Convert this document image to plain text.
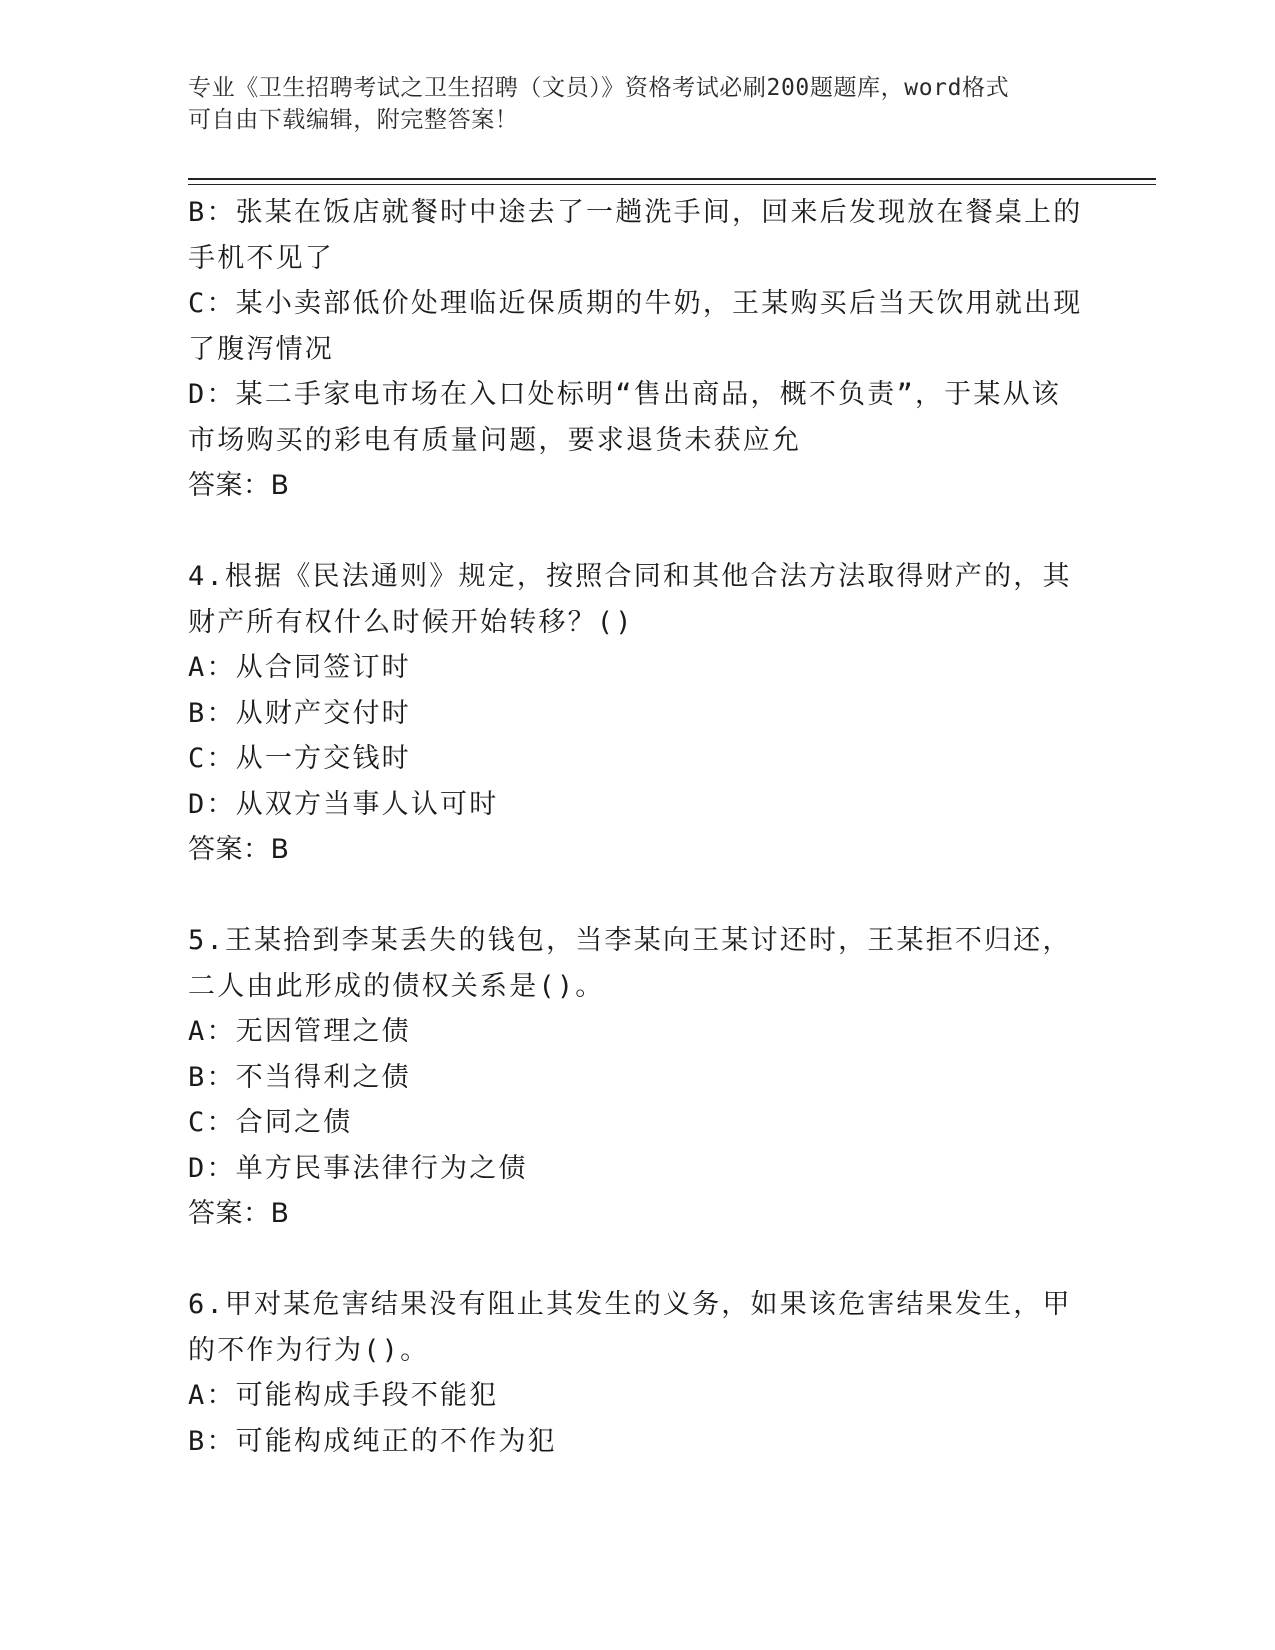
专业《卫生招聘考试之卫生招聘（文员）》资格考试必刷200题题库，word格式
可自由下载编辑，附完整答案！
B：张某在饭店就餐时中途去了一趟洗手间，回来后发现放在餐桌上的
手机不见了
C：某小卖部低价处理临近保质期的牛奶，王某购买后当天饮用就出现
了腹泻情况
D：某二手家电市场在入口处标明“售出商品，概不负责”，于某从该
市场购买的彩电有质量问题，要求退货未获应允
答案：B
4.根据《民法通则》规定，按照合同和其他合法方法取得财产的，其
财产所有权什么时候开始转移？()
A：从合同签订时
B：从财产交付时
C：从一方交钱时
D：从双方当事人认可时
答案：B
5.王某拾到李某丢失的钱包，当李某向王某讨还时，王某拒不归还，
二人由此形成的债权关系是()。
A：无因管理之债
B：不当得利之债
C：合同之债
D：单方民事法律行为之债
答案：B
6.甲对某危害结果没有阻止其发生的义务，如果该危害结果发生，甲
的不作为行为()。
A：可能构成手段不能犯
B：可能构成纯正的不作为犯
